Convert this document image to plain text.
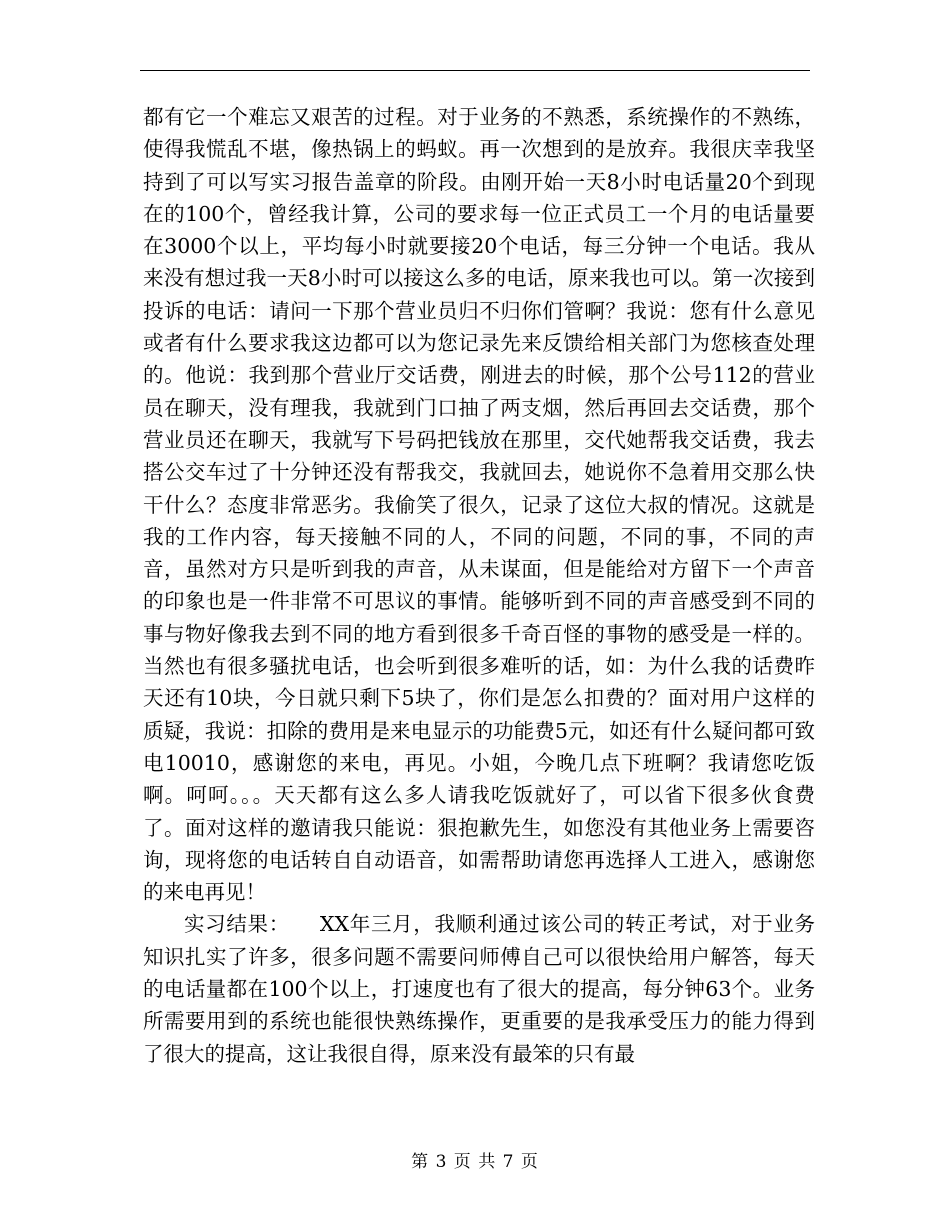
都有它一个难忘又艰苦的过程。对于业务的不熟悉，系统操作的不熟练，使得我慌乱不堪，像热锅上的蚂蚁。再一次想到的是放弃。我很庆幸我坚持到了可以写实习报告盖章的阶段。由刚开始一天8小时电话量20个到现在的100个，曾经我计算，公司的要求每一位正式员工一个月的电话量要在3000个以上，平均每小时就要接20个电话，每三分钟一个电话。我从来没有想过我一天8小时可以接这么多的电话，原来我也可以。第一次接到投诉的电话：请问一下那个营业员归不归你们管啊？我说：您有什么意见或者有什么要求我这边都可以为您记录先来反馈给相关部门为您核查处理的。他说：我到那个营业厅交话费，刚进去的时候，那个公号112的营业员在聊天，没有理我，我就到门口抽了两支烟，然后再回去交话费，那个营业员还在聊天，我就写下号码把钱放在那里，交代她帮我交话费，我去搭公交车过了十分钟还没有帮我交，我就回去，她说你不急着用交那么快干什么？态度非常恶劣。我偷笑了很久，记录了这位大叔的情况。这就是我的工作内容，每天接触不同的人，不同的问题，不同的事，不同的声音，虽然对方只是听到我的声音，从未谋面，但是能给对方留下一个声音的印象也是一件非常不可思议的事情。能够听到不同的声音感受到不同的事与物好像我去到不同的地方看到很多千奇百怪的事物的感受是一样的。当然也有很多骚扰电话，也会听到很多难听的话，如：为什么我的话费昨天还有10块，今日就只剩下5块了，你们是怎么扣费的？面对用户这样的质疑，我说：扣除的费用是来电显示的功能费5元，如还有什么疑问都可致电10010，感谢您的来电，再见。小姐，今晚几点下班啊？我请您吃饭啊。呵呵。。。天天都有这么多人请我吃饭就好了，可以省下很多伙食费了。面对这样的邀请我只能说：狠抱歉先生，如您没有其他业务上需要咨询，现将您的电话转自自动语音，如需帮助请您再选择人工进入，感谢您的来电再见！

实习结果： XX年三月，我顺利通过该公司的转正考试，对于业务知识扎实了许多，很多问题不需要问师傅自己可以很快给用户解答，每天的电话量都在100个以上，打速度也有了很大的提高，每分钟63个。业务所需要用到的系统也能很快熟练操作，更重要的是我承受压力的能力得到了很大的提高，这让我很自得，原来没有最笨的只有最

第 3 页 共 7 页
